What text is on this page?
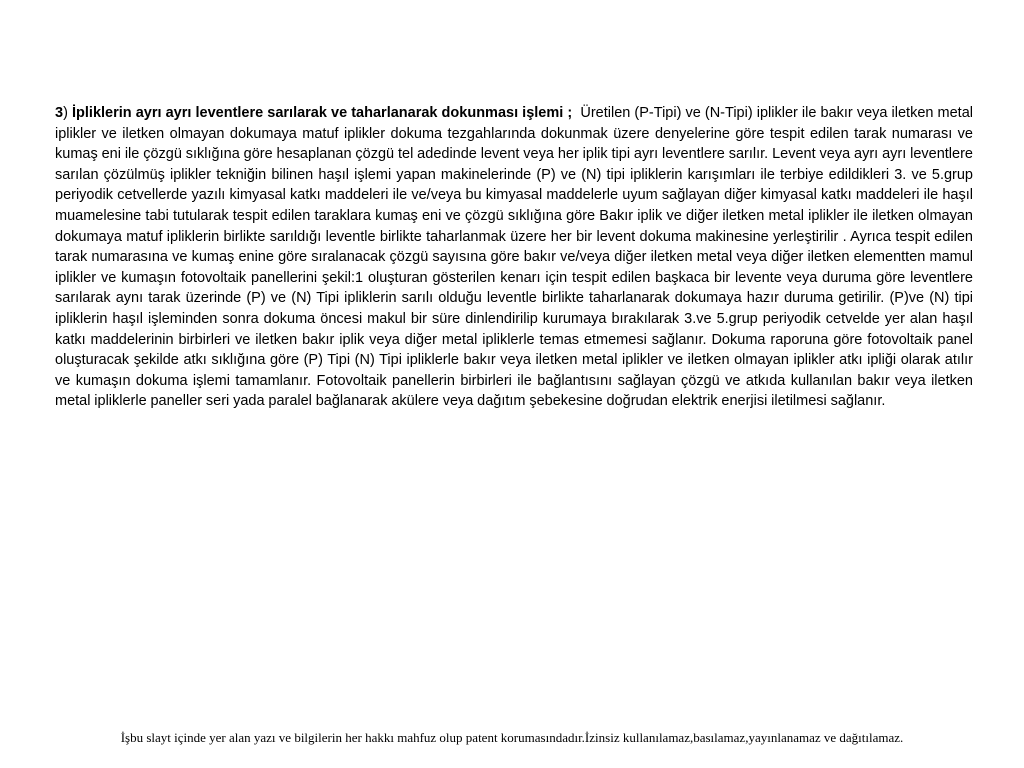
3) İpliklerin ayrı ayrı leventlere sarılarak ve taharlanarak dokunması işlemi ; Üretilen (P-Tipi) ve (N-Tipi) iplikler ile bakır veya iletken metal iplikler ve iletken olmayan dokumaya matuf iplikler dokuma tezgahlarında dokunmak üzere denyelerine göre tespit edilen tarak numarası ve kumaş eni ile çözgü sıklığına göre hesaplanan çözgü tel adedinde levent veya her iplik tipi ayrı leventlere sarılır. Levent veya ayrı ayrı leventlere sarılan çözülmüş iplikler tekniğin bilinen haşıl işlemi yapan makinelerinde (P) ve (N) tipi ipliklerin karışımları ile terbiye edildikleri 3. ve 5.grup periyodik cetvellerde yazılı kimyasal katkı maddeleri ile ve/veya bu kimyasal maddelerle uyum sağlayan diğer kimyasal katkı maddeleri ile haşıl muamelesine tabi tutularak tespit edilen taraklara kumaş eni ve çözgü sıklığına göre Bakır iplik ve diğer iletken metal iplikler ile iletken olmayan dokumaya matuf ipliklerin birlikte sarıldığı leventle birlikte taharlanmak üzere her bir levent dokuma makinesine yerleştirilir . Ayrıca tespit edilen tarak numarasına ve kumaş enine göre sıralanacak çözgü sayısına göre bakır ve/veya diğer iletken metal veya diğer iletken elementten mamul iplikler ve kumaşın fotovoltaik panellerini şekil:1 oluşturan gösterilen kenarı için tespit edilen başkaca bir levente veya duruma göre leventlere sarılarak aynı tarak üzerinde (P) ve (N) Tipi ipliklerin sarılı olduğu leventle birlikte taharlanarak dokumaya hazır duruma getirilir. (P)ve (N) tipi ipliklerin haşıl işleminden sonra dokuma öncesi makul bir süre dinlendirilip kurumaya bırakılarak 3.ve 5.grup periyodik cetvelde yer alan haşıl katkı maddelerinin birbirleri ve iletken bakır iplik veya diğer metal ipliklerle temas etmemesi sağlanır. Dokuma raporuna göre fotovoltaik panel oluşturacak şekilde atkı sıklığına göre (P) Tipi (N) Tipi ipliklerle bakır veya iletken metal iplikler ve iletken olmayan iplikler atkı ipliği olarak atılır ve kumaşın dokuma işlemi tamamlanır. Fotovoltaik panellerin birbirleri ile bağlantısını sağlayan çözgü ve atkıda kullanılan bakır veya iletken metal ipliklerle paneller seri yada paralel bağlanarak akülere veya dağıtım şebekesine doğrudan elektrik enerjisi iletilmesi sağlanır.
İşbu slayt içinde yer alan yazı ve bilgilerin her hakkı mahfuz olup patent korumasındadır.İzinsiz kullanılamaz,basılamaz,yayınlanamaz ve dağıtılamaz.
